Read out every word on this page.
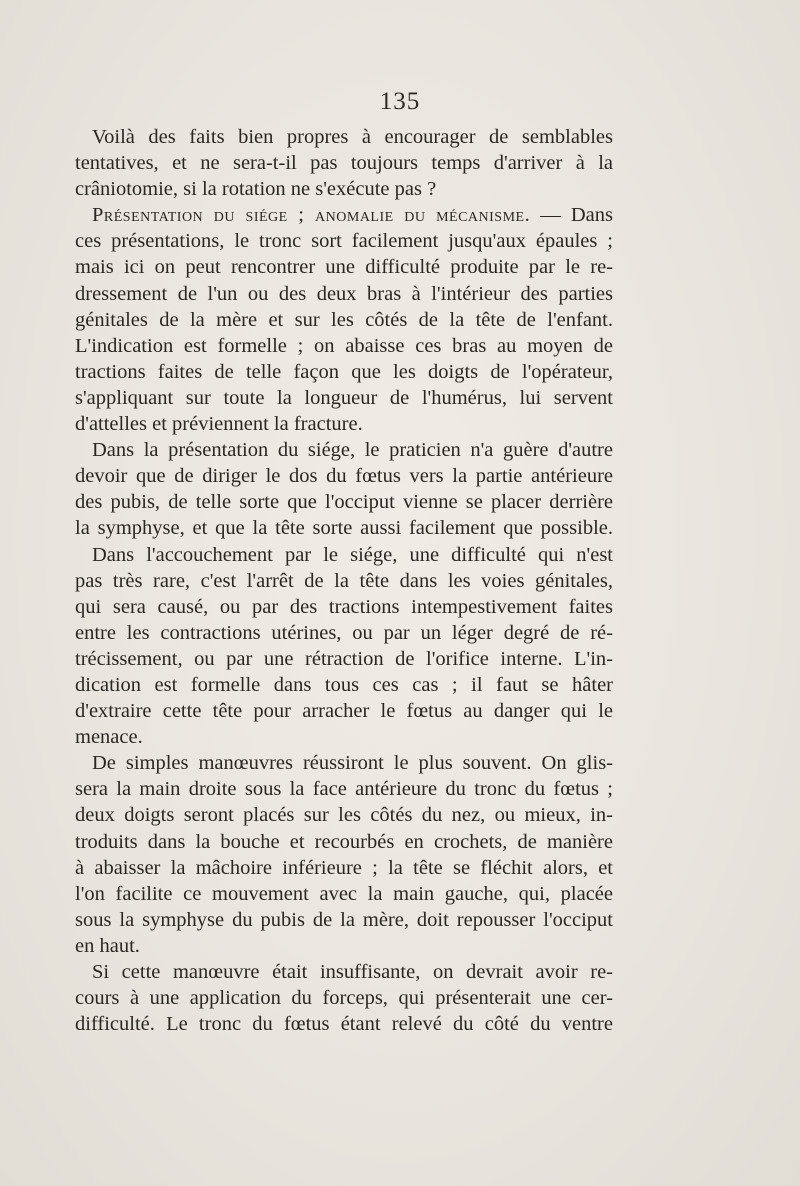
135
Voilà des faits bien propres à encourager de semblables
tentatives, et ne sera-t-il pas toujours temps d'arriver à la
crâniotomie, si la rotation ne s'exécute pas ?
Présentation du siége ; anomalie du mécanisme. — Dans
ces présentations, le tronc sort facilement jusqu'aux épaules ;
mais ici on peut rencontrer une difficulté produite par le re-
dressement de l'un ou des deux bras à l'intérieur des parties
génitales de la mère et sur les côtés de la tête de l'enfant.
L'indication est formelle ; on abaisse ces bras au moyen de
tractions faites de telle façon que les doigts de l'opérateur,
s'appliquant sur toute la longueur de l'humérus, lui servent
d'attelles et préviennent la fracture.
Dans la présentation du siége, le praticien n'a guère d'autre
devoir que de diriger le dos du fœtus vers la partie antérieure
des pubis, de telle sorte que l'occiput vienne se placer derrière
la symphyse, et que la tête sorte aussi facilement que possible.
Dans l'accouchement par le siége, une difficulté qui n'est
pas très rare, c'est l'arrêt de la tête dans les voies génitales,
qui sera causé, ou par des tractions intempestivement faites
entre les contractions utérines, ou par un léger degré de ré-
trécissement, ou par une rétraction de l'orifice interne. L'in-
dication est formelle dans tous ces cas ; il faut se hâter
d'extraire cette tête pour arracher le fœtus au danger qui le
menace.
De simples manœuvres réussiront le plus souvent. On glis-
sera la main droite sous la face antérieure du tronc du fœtus ;
deux doigts seront placés sur les côtés du nez, ou mieux, in-
troduits dans la bouche et recourbés en crochets, de manière
à abaisser la mâchoire inférieure ; la tête se fléchit alors, et
l'on facilite ce mouvement avec la main gauche, qui, placée
sous la symphyse du pubis de la mère, doit repousser l'occiput
en haut.
Si cette manœuvre était insuffisante, on devrait avoir re-
cours à une application du forceps, qui présenterait une cer-
difficulté. Le tronc du fœtus étant relevé du côté du ventre
